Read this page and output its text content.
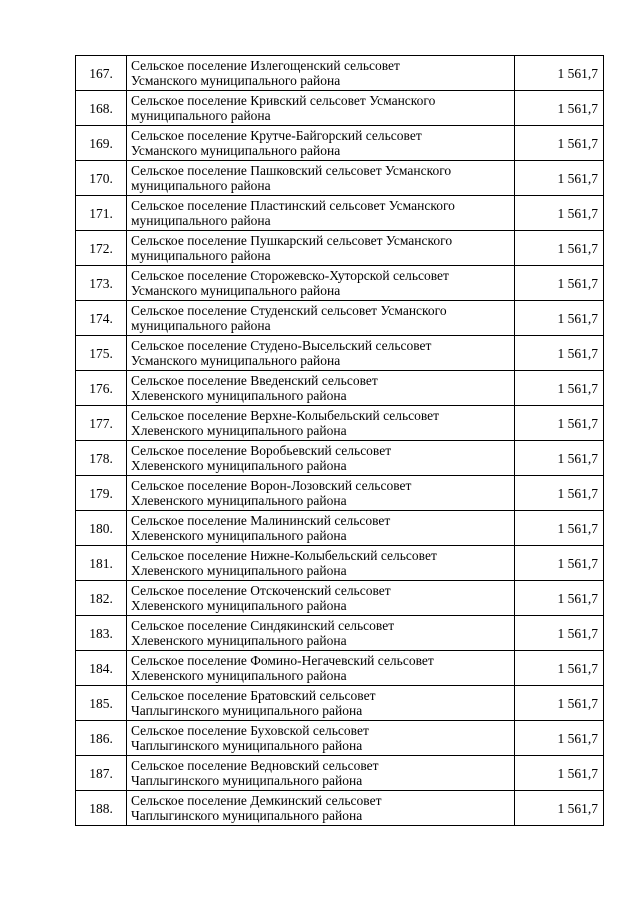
167.	Сельское поселение Излегощенский сельсовет
Усманского муниципального района	1 561,7
168.	Сельское поселение Кривский сельсовет Усманского
муниципального района	1 561,7
169.	Сельское поселение Крутче-Байгорский сельсовет
Усманского муниципального района	1 561,7
170.	Сельское поселение Пашковский сельсовет Усманского
муниципального района	1 561,7
171.	Сельское поселение Пластинский сельсовет Усманского
муниципального района	1 561,7
172.	Сельское поселение Пушкарский сельсовет Усманского
муниципального района	1 561,7
173.	Сельское поселение Сторожевско-Хуторской сельсовет
Усманского муниципального района	1 561,7
174.	Сельское поселение Студенский сельсовет Усманского
муниципального района	1 561,7
175.	Сельское поселение Студено-Высельский сельсовет
Усманского муниципального района	1 561,7
176.	Сельское поселение Введенский сельсовет
Хлевенского муниципального района	1 561,7
177.	Сельское поселение Верхне-Колыбельский сельсовет
Хлевенского муниципального района	1 561,7
178.	Сельское поселение Воробьевский сельсовет
Хлевенского муниципального района	1 561,7
179.	Сельское поселение Ворон-Лозовский сельсовет
Хлевенского муниципального района	1 561,7
180.	Сельское поселение Малининский сельсовет
Хлевенского муниципального района	1 561,7
181.	Сельское поселение Нижне-Колыбельский сельсовет
Хлевенского муниципального района	1 561,7
182.	Сельское поселение Отскоченский сельсовет
Хлевенского муниципального района	1 561,7
183.	Сельское поселение Синдякинский сельсовет
Хлевенского муниципального района	1 561,7
184.	Сельское поселение Фомино-Негачевский сельсовет
Хлевенского муниципального района	1 561,7
185.	Сельское поселение Братовский сельсовет
Чаплыгинского муниципального района	1 561,7
186.	Сельское поселение Буховской сельсовет
Чаплыгинского муниципального района	1 561,7
187.	Сельское поселение Ведновский сельсовет
Чаплыгинского муниципального района	1 561,7
188.	Сельское поселение Демкинский сельсовет
Чаплыгинского муниципального района	1 561,7
